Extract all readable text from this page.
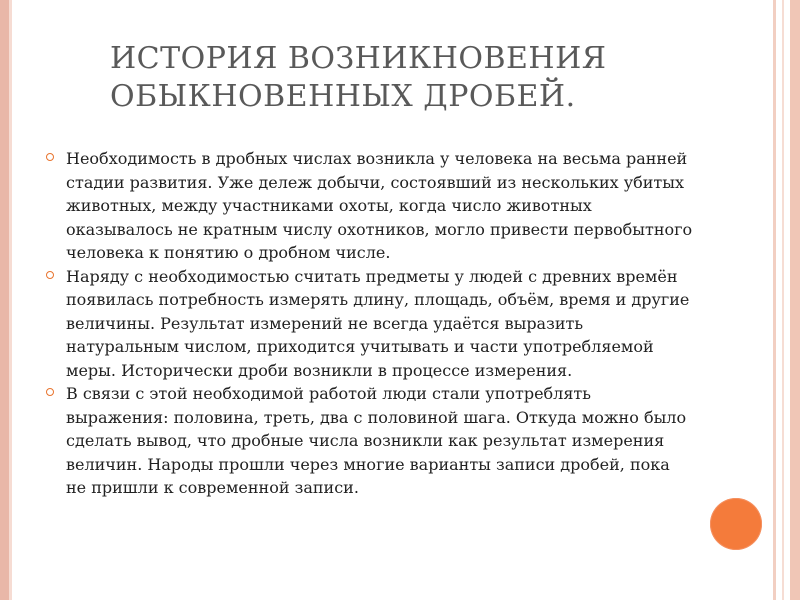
ИСТОРИЯ ВОЗНИКНОВЕНИЯ
ОБЫКНОВЕННЫХ ДРОБЕЙ.
Необходимость в дробных числах возникла у человека на весьма ранней стадии развития. Уже дележ добычи, состоявший из нескольких убитых животных, между участниками охоты, когда число животных оказывалось не кратным числу охотников, могло привести первобытного человека к понятию о дробном числе.
Наряду с необходимостью считать предметы у людей с древних времён появилась потребность измерять длину, площадь, объём, время и другие величины. Результат измерений не всегда удаётся выразить натуральным числом, приходится учитывать и части употребляемой меры. Исторически дроби возникли в процессе измерения.
В связи с этой необходимой работой люди стали употреблять выражения: половина, треть, два с половиной шага. Откуда можно было сделать вывод, что дробные числа возникли как результат измерения величин. Народы прошли через многие варианты записи дробей, пока не пришли к современной записи.
